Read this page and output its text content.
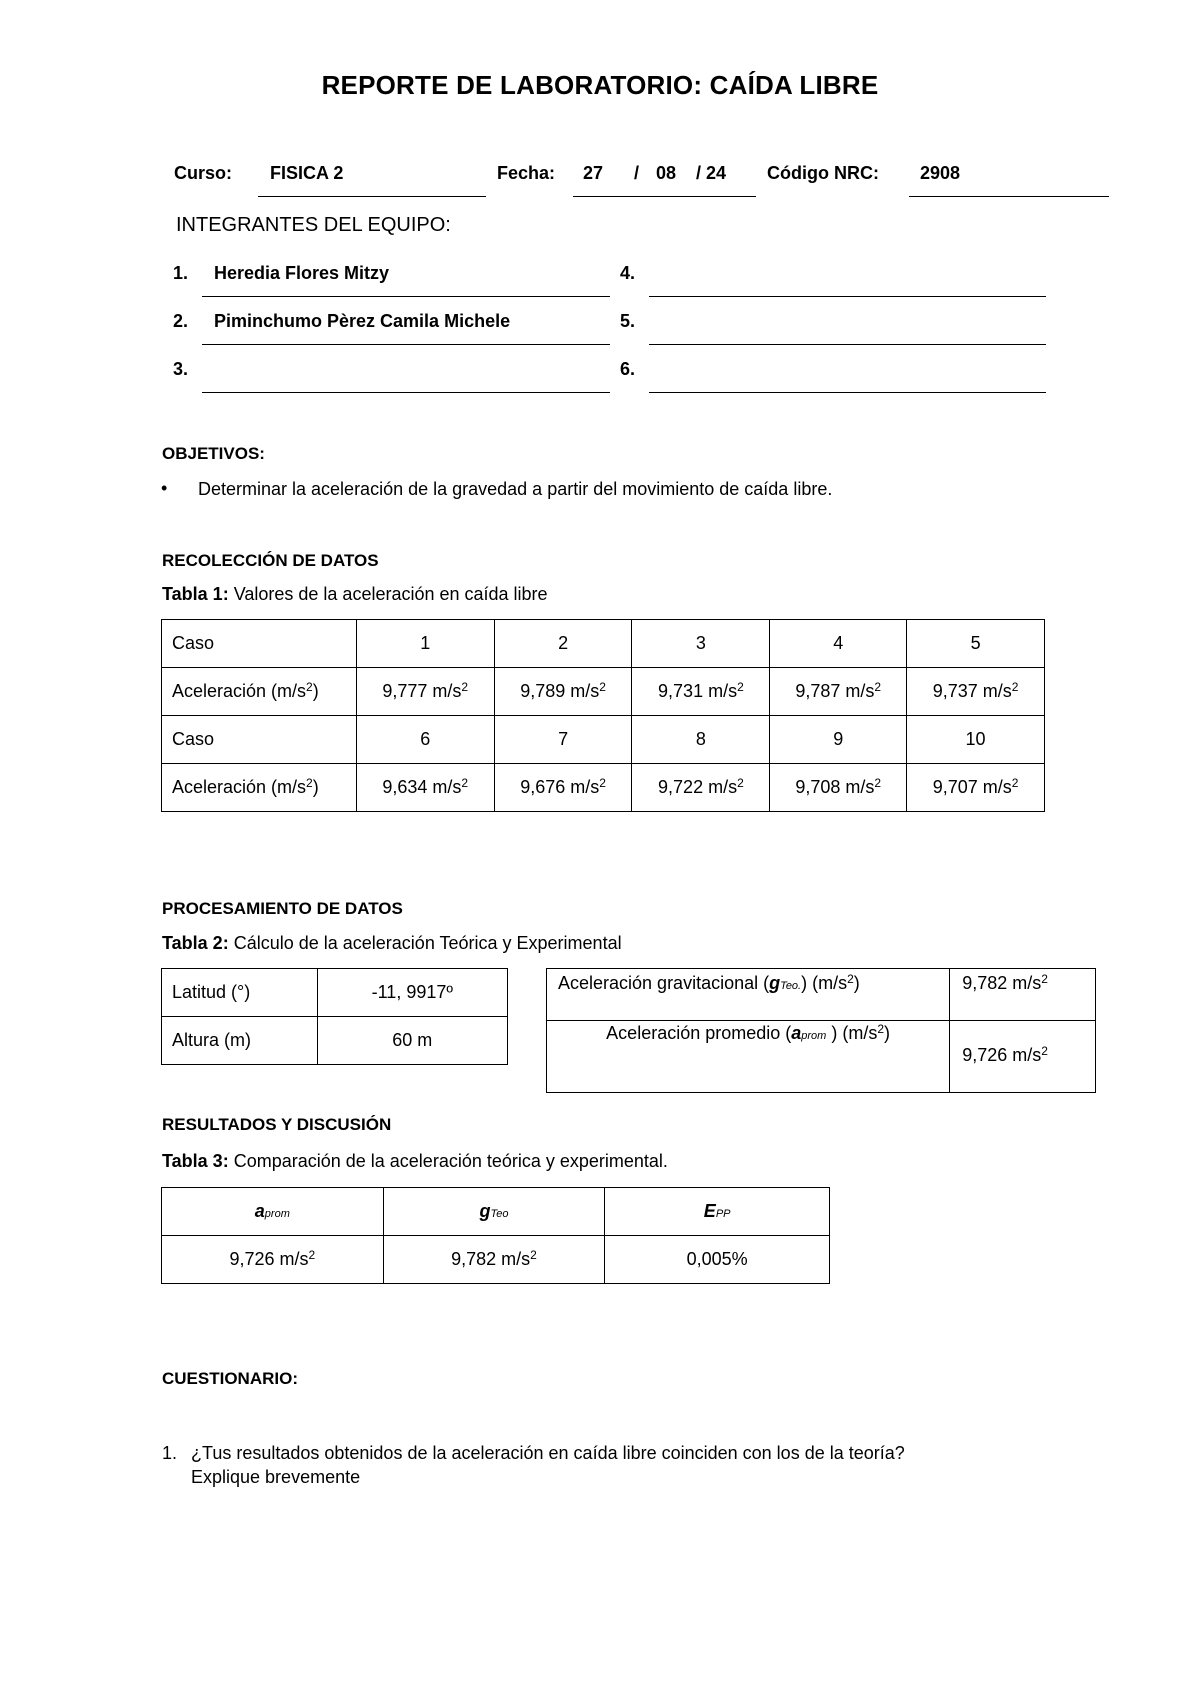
REPORTE DE LABORATORIO: CAÍDA LIBRE
Curso: FISICA 2	Fecha: 27 / 08 / 24 Código NRC: 2908
INTEGRANTES DEL EQUIPO:
1. Heredia Flores Mitzy
2. Piminchumo Pèrez Camila Michele
3.
4.
5.
6.
OBJETIVOS:
• Determinar la aceleración de la gravedad a partir del movimiento de caída libre.
RECOLECCIÓN DE DATOS
Tabla 1: Valores de la aceleración en caída libre
Caso	1	2	3	4	5
Aceleración $(m/s^2)$	9,777 $m/s^2$	9,789 $m/s^2$	9,731 $m/s^2$	9,787 $m/s^2$	9,737 $m/s^2$
Caso	6	7	8	9	10
Aceleración $(m/s^2)$	9,634 $m/s^2$	9,676 $m/s^2$	9,722 $m/s^2$	9,708 $m/s^2$	9,707 $m/s^2$
PROCESAMIENTO DE DATOS
Tabla 2: Cálculo de la aceleración Teórica y Experimental
Latitud (°)	-11, 9917º
Altura (m)	60 m
Aceleración gravitacional (gTeo.) $(m/s^2)$	9,782 $m/s^2$
Aceleración promedio (aprom ) $(m/s^2)$	9,726 $m/s^2$
RESULTADOS Y DISCUSIÓN
Tabla 3: Comparación de la aceleración teórica y experimental.
aprom	gTeo	EPP
9,726 $m/s^2$	9,782 $m/s^2$	0,005%
CUESTIONARIO:
1. ¿Tus resultados obtenidos de la aceleración en caída libre coinciden con los de la teoría?
Explique brevemente
